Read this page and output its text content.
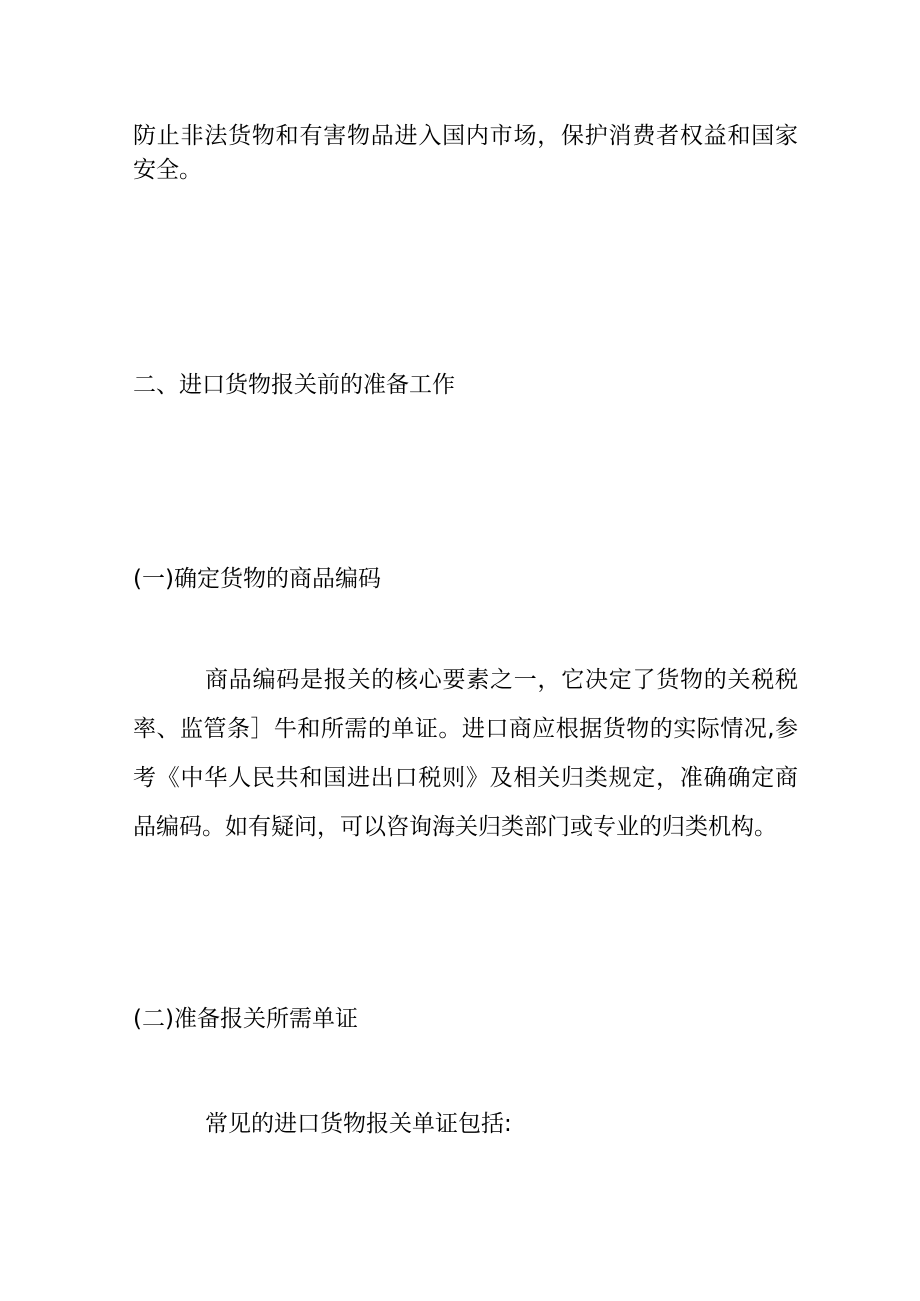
防止非法货物和有害物品进入国内市场，保护消费者权益和国家安全。

二、进口货物报关前的准备工作
(一)确定货物的商品编码

商品编码是报关的核心要素之一，它决定了货物的关税税率、监管条］牛和所需的单证。进口商应根据货物的实际情况,参考《中华人民共和国进出口税则》及相关归类规定，准确确定商品编码。如有疑问，可以咨询海关归类部门或专业的归类机构。

(二)准备报关所需单证

常见的进口货物报关单证包括:
